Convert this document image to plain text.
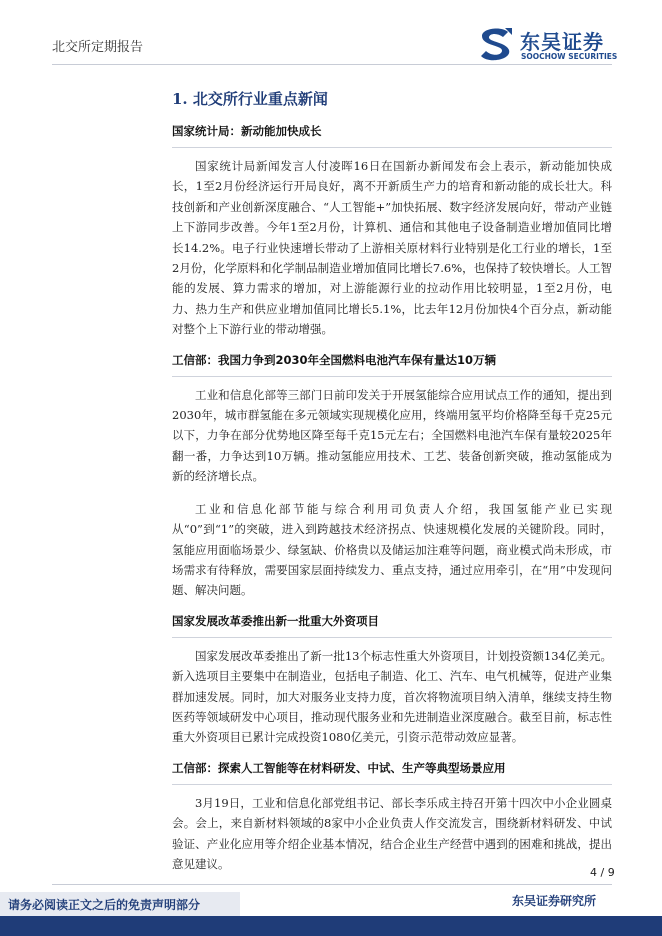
北交所定期报告	东吴证券
SOOCHOW SECURITIES
1. 北交所行业重点新闻
国家统计局：新动能加快成长

国家统计局新闻发言人付凌晖16日在国新办新闻发布会上表示，新动能加快成长，1至2月份经济运行开局良好，离不开新质生产力的培育和新动能的成长壮大。科技创新和产业创新深度融合、“人工智能+”加快拓展、数字经济发展向好，带动产业链上下游同步改善。今年1至2月份，计算机、通信和其他电子设备制造业增加值同比增长14.2%。电子行业快速增长带动了上游相关原材料行业特别是化工行业的增长，1至2月份，化学原料和化学制品制造业增加值同比增长7.6%，也保持了较快增长。人工智能的发展、算力需求的增加，对上游能源行业的拉动作用比较明显，1至2月份，电力、热力生产和供应业增加值同比增长5.1%，比去年12月份加快4个百分点，新动能对整个上下游行业的带动增强。

工信部：我国力争到2030年全国燃料电池汽车保有量达10万辆

工业和信息化部等三部门日前印发关于开展氢能综合应用试点工作的通知，提出到2030年，城市群氢能在多元领域实现规模化应用，终端用氢平均价格降至每千克25元以下，力争在部分优势地区降至每千克15元左右；全国燃料电池汽车保有量较2025年翻一番，力争达到10万辆。推动氢能应用技术、工艺、装备创新突破，推动氢能成为新的经济增长点。

工业和信息化部节能与综合利用司负责人介绍，我国氢能产业已实现从“0”到“1”的突破，进入到跨越技术经济拐点、快速规模化发展的关键阶段。同时，氢能应用面临场景少、绿氢缺、价格贵以及储运加注难等问题，商业模式尚未形成，市场需求有待释放，需要国家层面持续发力、重点支持，通过应用牵引，在“用”中发现问题、解决问题。

国家发展改革委推出新一批重大外资项目

国家发展改革委推出了新一批13个标志性重大外资项目，计划投资额134亿美元。新入选项目主要集中在制造业，包括电子制造、化工、汽车、电气机械等，促进产业集群加速发展。同时，加大对服务业支持力度，首次将物流项目纳入清单，继续支持生物医药等领域研发中心项目，推动现代服务业和先进制造业深度融合。截至目前，标志性重大外资项目已累计完成投资1080亿美元，引资示范带动效应显著。

工信部：探索人工智能等在材料研发、中试、生产等典型场景应用

3月19日，工业和信息化部党组书记、部长李乐成主持召开第十四次中小企业圆桌会。会上，来自新材料领域的8家中小企业负责人作交流发言，围绕新材料研发、中试验证、产业化应用等介绍企业基本情况，结合企业生产经营中遇到的困难和挑战，提出意见建议。

4 / 9
东吴证券研究所
请务必阅读正文之后的免责声明部分
